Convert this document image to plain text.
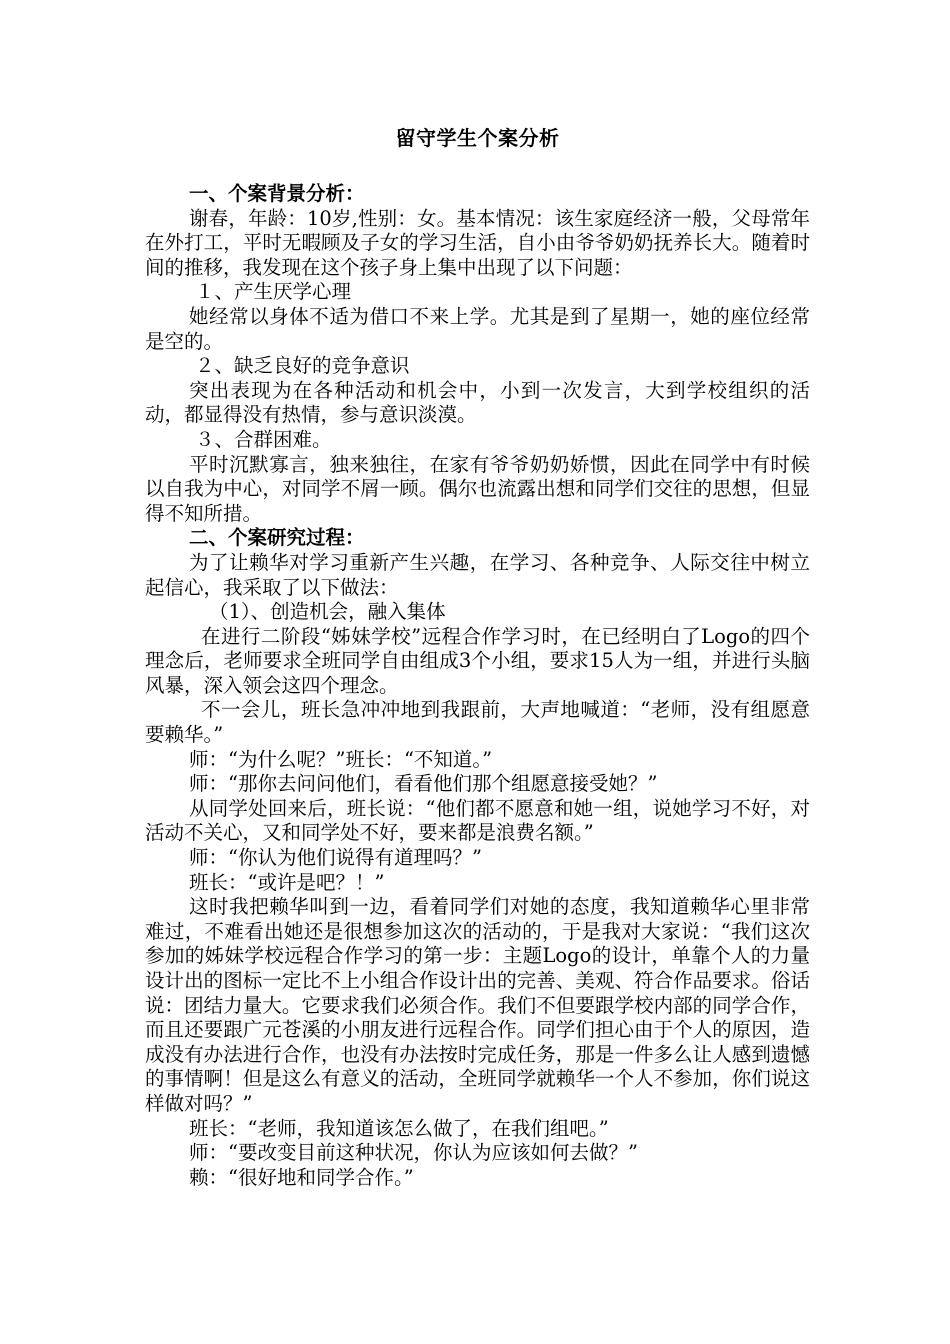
留守学生个案分析

一、个案背景分析：

谢春，年龄：10岁,性别：女。基本情况：该生家庭经济一般，父母常年在外打工，平时无暇顾及子女的学习生活，自小由爷爷奶奶抚养长大。随着时间的推移，我发现在这个孩子身上集中出现了以下问题：

１、产生厌学心理

她经常以身体不适为借口不来上学。尤其是到了星期一，她的座位经常是空的。

２、缺乏良好的竞争意识

突出表现为在各种活动和机会中，小到一次发言，大到学校组织的活动，都显得没有热情，参与意识淡漠。

３、合群困难。

平时沉默寡言，独来独往，在家有爷爷奶奶娇惯，因此在同学中有时候以自我为中心，对同学不屑一顾。偶尔也流露出想和同学们交往的思想，但显得不知所措。

二、个案研究过程：

为了让赖华对学习重新产生兴趣，在学习、各种竞争、人际交往中树立起信心，我采取了以下做法：

（1）、创造机会，融入集体

在进行二阶段“姊妹学校”远程合作学习时，在已经明白了Logo的四个理念后，老师要求全班同学自由组成3个小组，要求15人为一组，并进行头脑风暴，深入领会这四个理念。

不一会儿，班长急冲冲地到我跟前，大声地喊道：“老师，没有组愿意要赖华。”

师：“为什么呢？”班长：“不知道。”

师：“那你去问问他们，看看他们那个组愿意接受她？”

从同学处回来后，班长说：“他们都不愿意和她一组，说她学习不好，对活动不关心，又和同学处不好，要来都是浪费名额。”

师：“你认为他们说得有道理吗？”

班长：“或许是吧？！”

这时我把赖华叫到一边，看着同学们对她的态度，我知道赖华心里非常难过，不难看出她还是很想参加这次的活动的，于是我对大家说：“我们这次参加的姊妹学校远程合作学习的第一步：主题Logo的设计，单靠个人的力量设计出的图标一定比不上小组合作设计出的完善、美观、符合作品要求。俗话说：团结力量大。它要求我们必须合作。我们不但要跟学校内部的同学合作，而且还要跟广元苍溪的小朋友进行远程合作。同学们担心由于个人的原因，造成没有办法进行合作，也没有办法按时完成任务，那是一件多么让人感到遗憾的事情啊！但是这么有意义的活动，全班同学就赖华一个人不参加，你们说这样做对吗？”

班长：“老师，我知道该怎么做了，在我们组吧。”

师：“要改变目前这种状况，你认为应该如何去做？”

赖：“很好地和同学合作。”
